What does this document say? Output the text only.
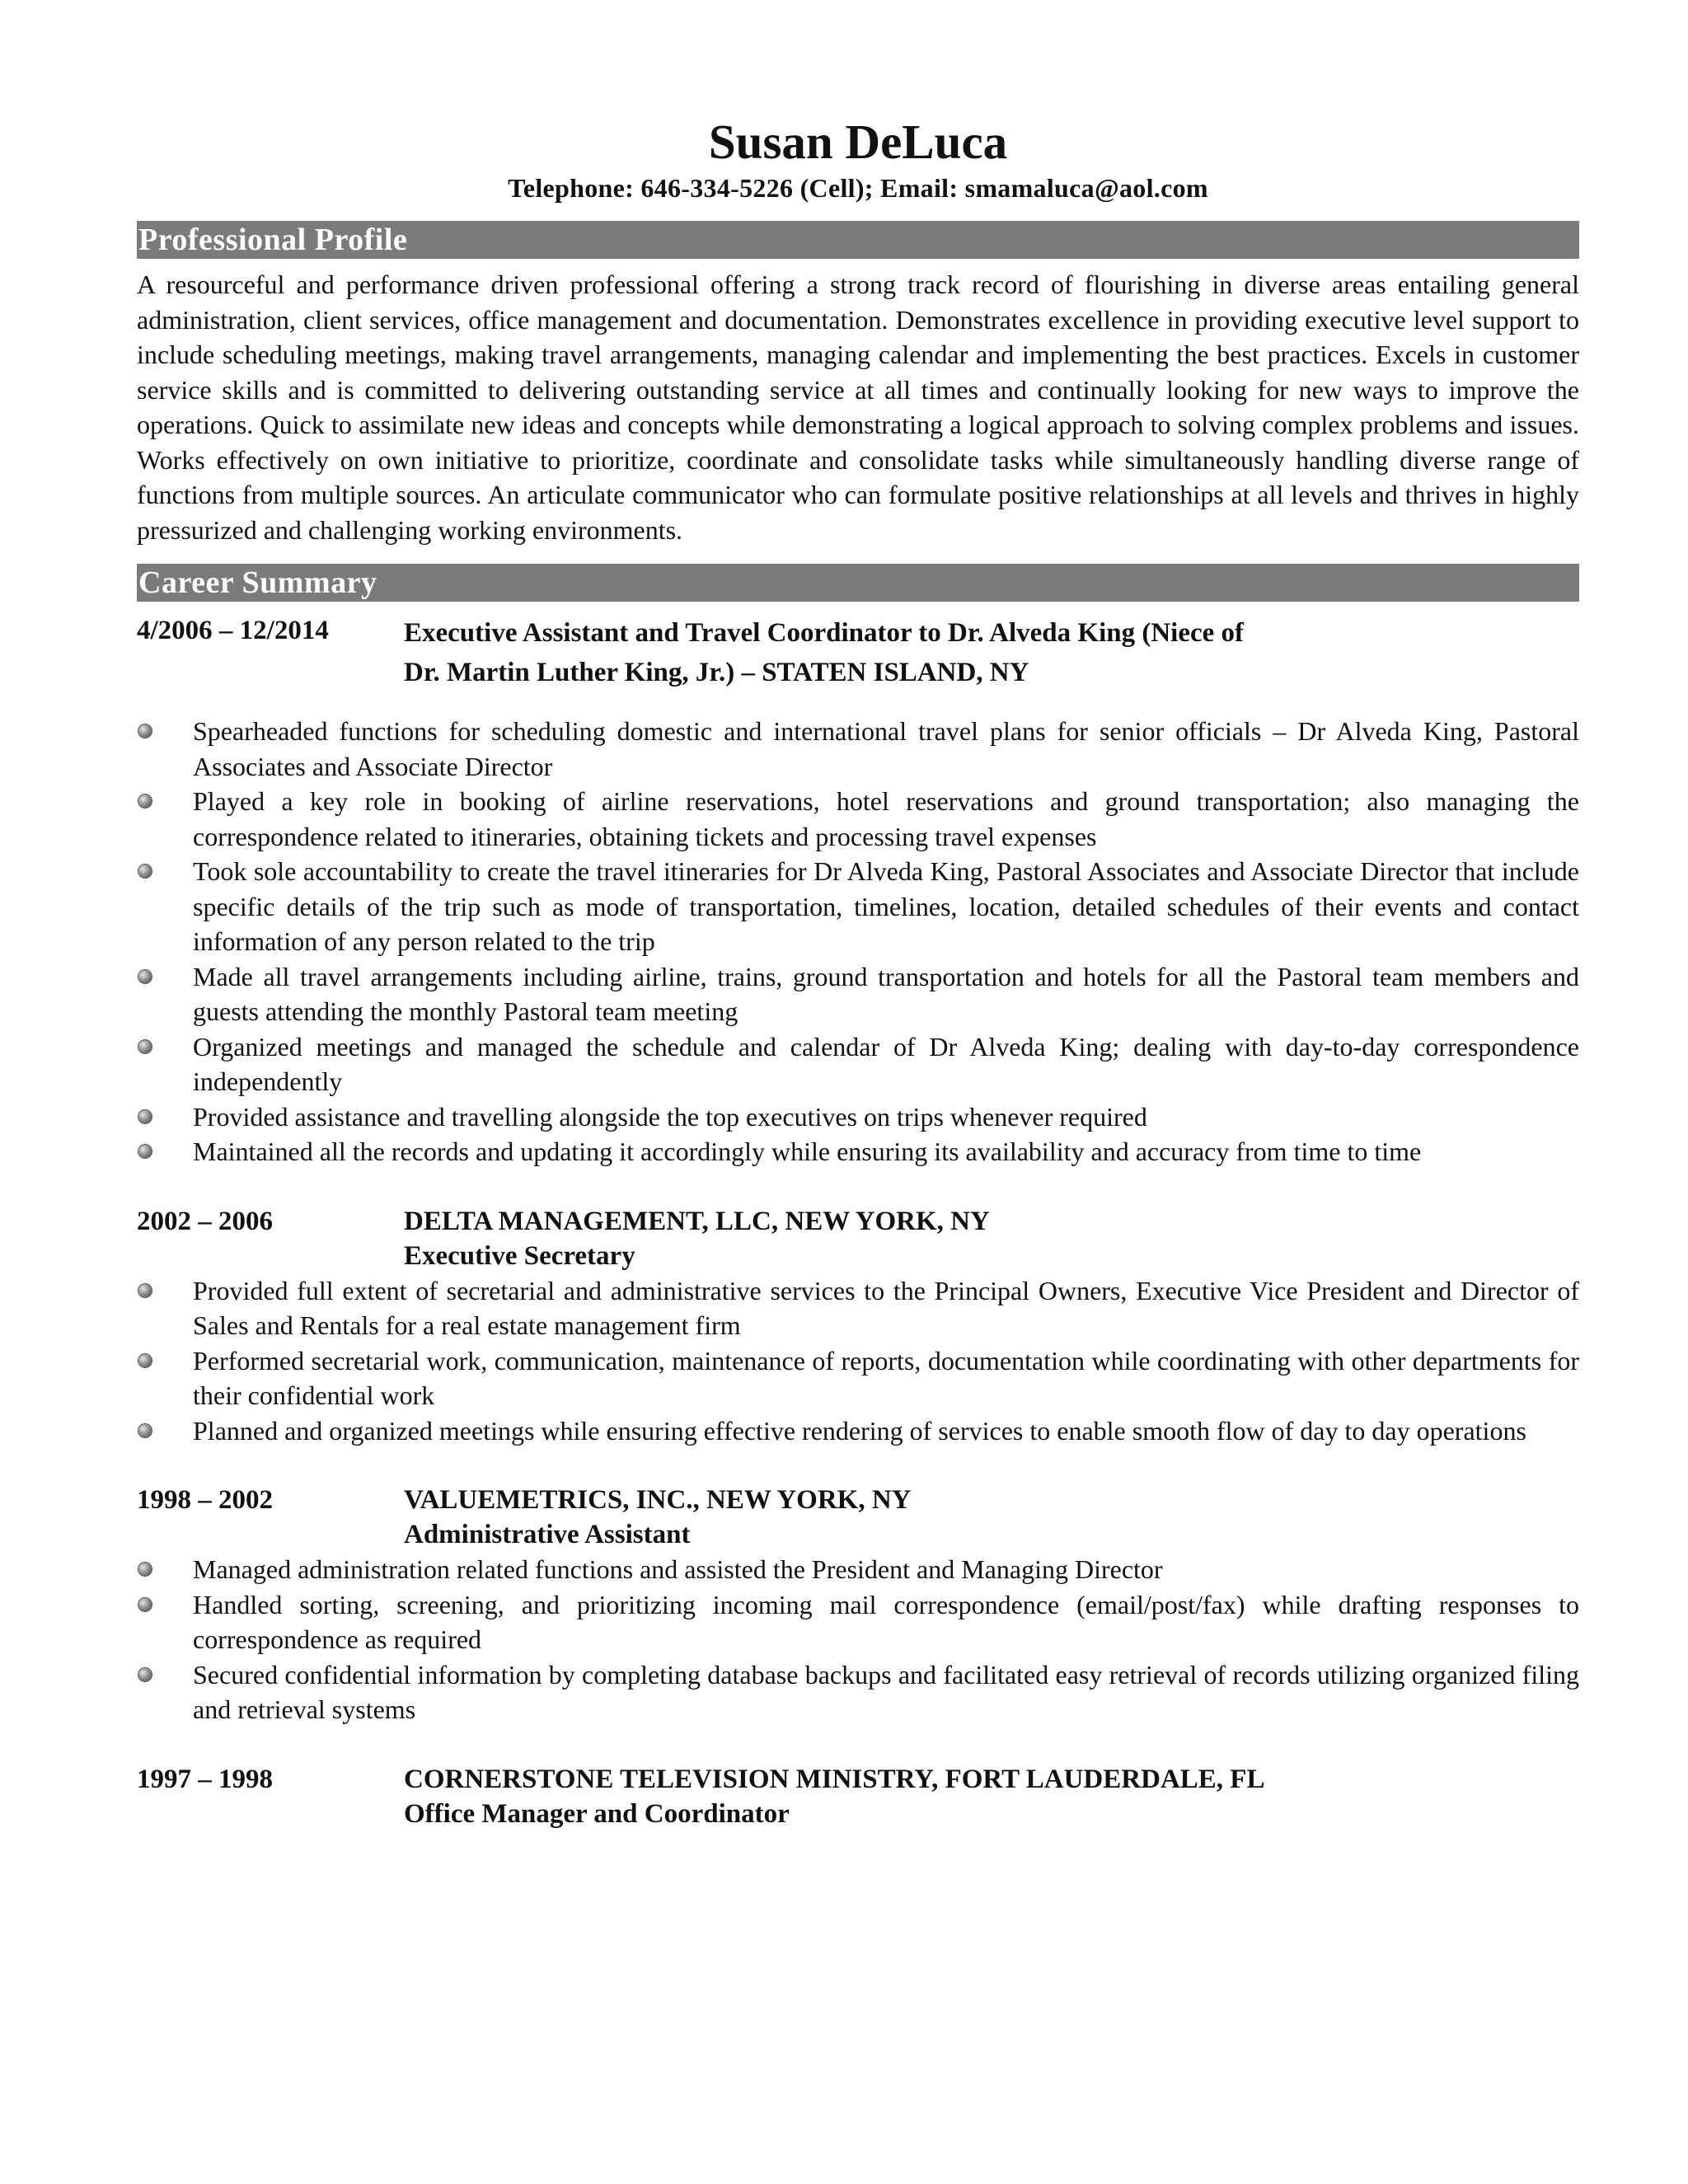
Susan DeLuca
Telephone: 646-334-5226 (Cell); Email: smamaluca@aol.com
Professional Profile
A resourceful and performance driven professional offering a strong track record of flourishing in diverse areas entailing general administration, client services, office management and documentation. Demonstrates excellence in providing executive level support to include scheduling meetings, making travel arrangements, managing calendar and implementing the best practices. Excels in customer service skills and is committed to delivering outstanding service at all times and continually looking for new ways to improve the operations. Quick to assimilate new ideas and concepts while demonstrating a logical approach to solving complex problems and issues. Works effectively on own initiative to prioritize, coordinate and consolidate tasks while simultaneously handling diverse range of functions from multiple sources. An articulate communicator who can formulate positive relationships at all levels and thrives in highly pressurized and challenging working environments.
Career Summary
4/2006 – 12/2014	Executive Assistant and Travel Coordinator to Dr. Alveda King (Niece of
Dr. Martin Luther King, Jr.) – STATEN ISLAND, NY
Spearheaded functions for scheduling domestic and international travel plans for senior officials – Dr Alveda King, Pastoral Associates and Associate Director
Played a key role in booking of airline reservations, hotel reservations and ground transportation; also managing the correspondence related to itineraries, obtaining tickets and processing travel expenses
Took sole accountability to create the travel itineraries for Dr Alveda King, Pastoral Associates and Associate Director that include specific details of the trip such as mode of transportation, timelines, location, detailed schedules of their events and contact information of any person related to the trip
Made all travel arrangements including airline, trains, ground transportation and hotels for all the Pastoral team members and guests attending the monthly Pastoral team meeting
Organized meetings and managed the schedule and calendar of Dr Alveda King; dealing with day-to-day correspondence independently
Provided assistance and travelling alongside the top executives on trips whenever required
Maintained all the records and updating it accordingly while ensuring its availability and accuracy from time to time
2002 – 2006	DELTA MANAGEMENT, LLC, NEW YORK, NY
Executive Secretary
Provided full extent of secretarial and administrative services to the Principal Owners, Executive Vice President and Director of Sales and Rentals for a real estate management firm
Performed secretarial work, communication, maintenance of reports, documentation while coordinating with other departments for their confidential work
Planned and organized meetings while ensuring effective rendering of services to enable smooth flow of day to day operations
1998 – 2002	VALUEMETRICS, INC., NEW YORK, NY
Administrative Assistant
Managed administration related functions and assisted the President and Managing Director
Handled sorting, screening, and prioritizing incoming mail correspondence (email/post/fax) while drafting responses to correspondence as required
Secured confidential information by completing database backups and facilitated easy retrieval of records utilizing organized filing and retrieval systems
1997 – 1998	CORNERSTONE TELEVISION MINISTRY, FORT LAUDERDALE, FL
Office Manager and Coordinator
